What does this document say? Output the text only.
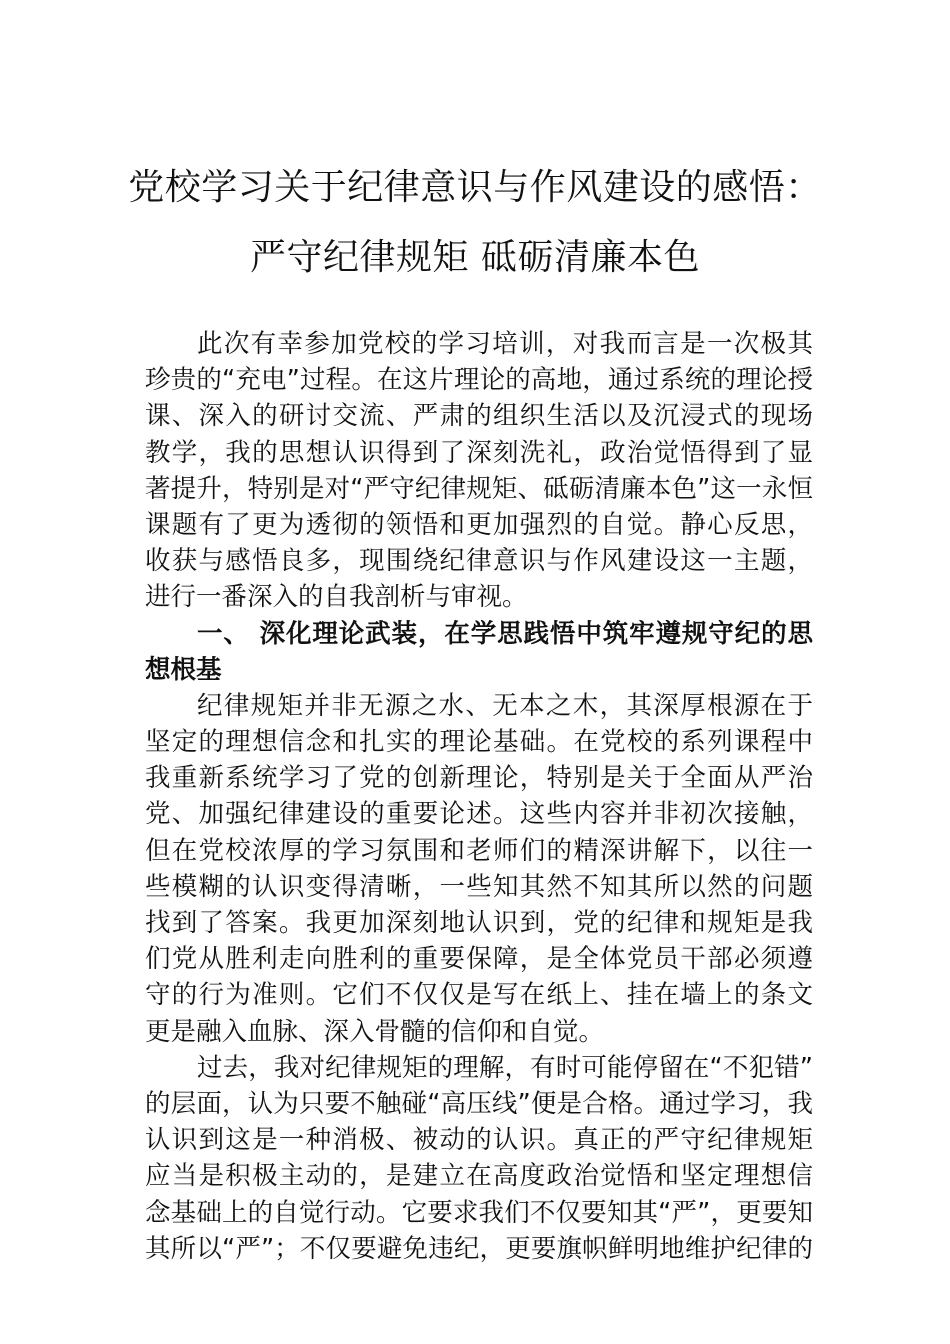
党校学习关于纪律意识与作风建设的感悟：
严守纪律规矩 砥砺清廉本色
此次有幸参加党校的学习培训，对我而言是一次极其
珍贵的“充电”过程。在这片理论的高地，通过系统的理论授
课、深入的研讨交流、严肃的组织生活以及沉浸式的现场
教学，我的思想认识得到了深刻洗礼，政治觉悟得到了显
著提升，特别是对“严守纪律规矩、砥砺清廉本色”这一永恒
课题有了更为透彻的领悟和更加强烈的自觉。静心反思，
收获与感悟良多，现围绕纪律意识与作风建设这一主题，
进行一番深入的自我剖析与审视。
一、 深化理论武装，在学思践悟中筑牢遵规守纪的思
想根基
纪律规矩并非无源之水、无本之木，其深厚根源在于
坚定的理想信念和扎实的理论基础。在党校的系列课程中
我重新系统学习了党的创新理论，特别是关于全面从严治
党、加强纪律建设的重要论述。这些内容并非初次接触，
但在党校浓厚的学习氛围和老师们的精深讲解下，以往一
些模糊的认识变得清晰，一些知其然不知其所以然的问题
找到了答案。我更加深刻地认识到，党的纪律和规矩是我
们党从胜利走向胜利的重要保障，是全体党员干部必须遵
守的行为准则。它们不仅仅是写在纸上、挂在墙上的条文
更是融入血脉、深入骨髓的信仰和自觉。
过去，我对纪律规矩的理解，有时可能停留在“不犯错”
的层面，认为只要不触碰“高压线”便是合格。通过学习，我
认识到这是一种消极、被动的认识。真正的严守纪律规矩
应当是积极主动的，是建立在高度政治觉悟和坚定理想信
念基础上的自觉行动。它要求我们不仅要知其“严”，更要知
其所以“严”；不仅要避免违纪，更要旗帜鲜明地维护纪律的
